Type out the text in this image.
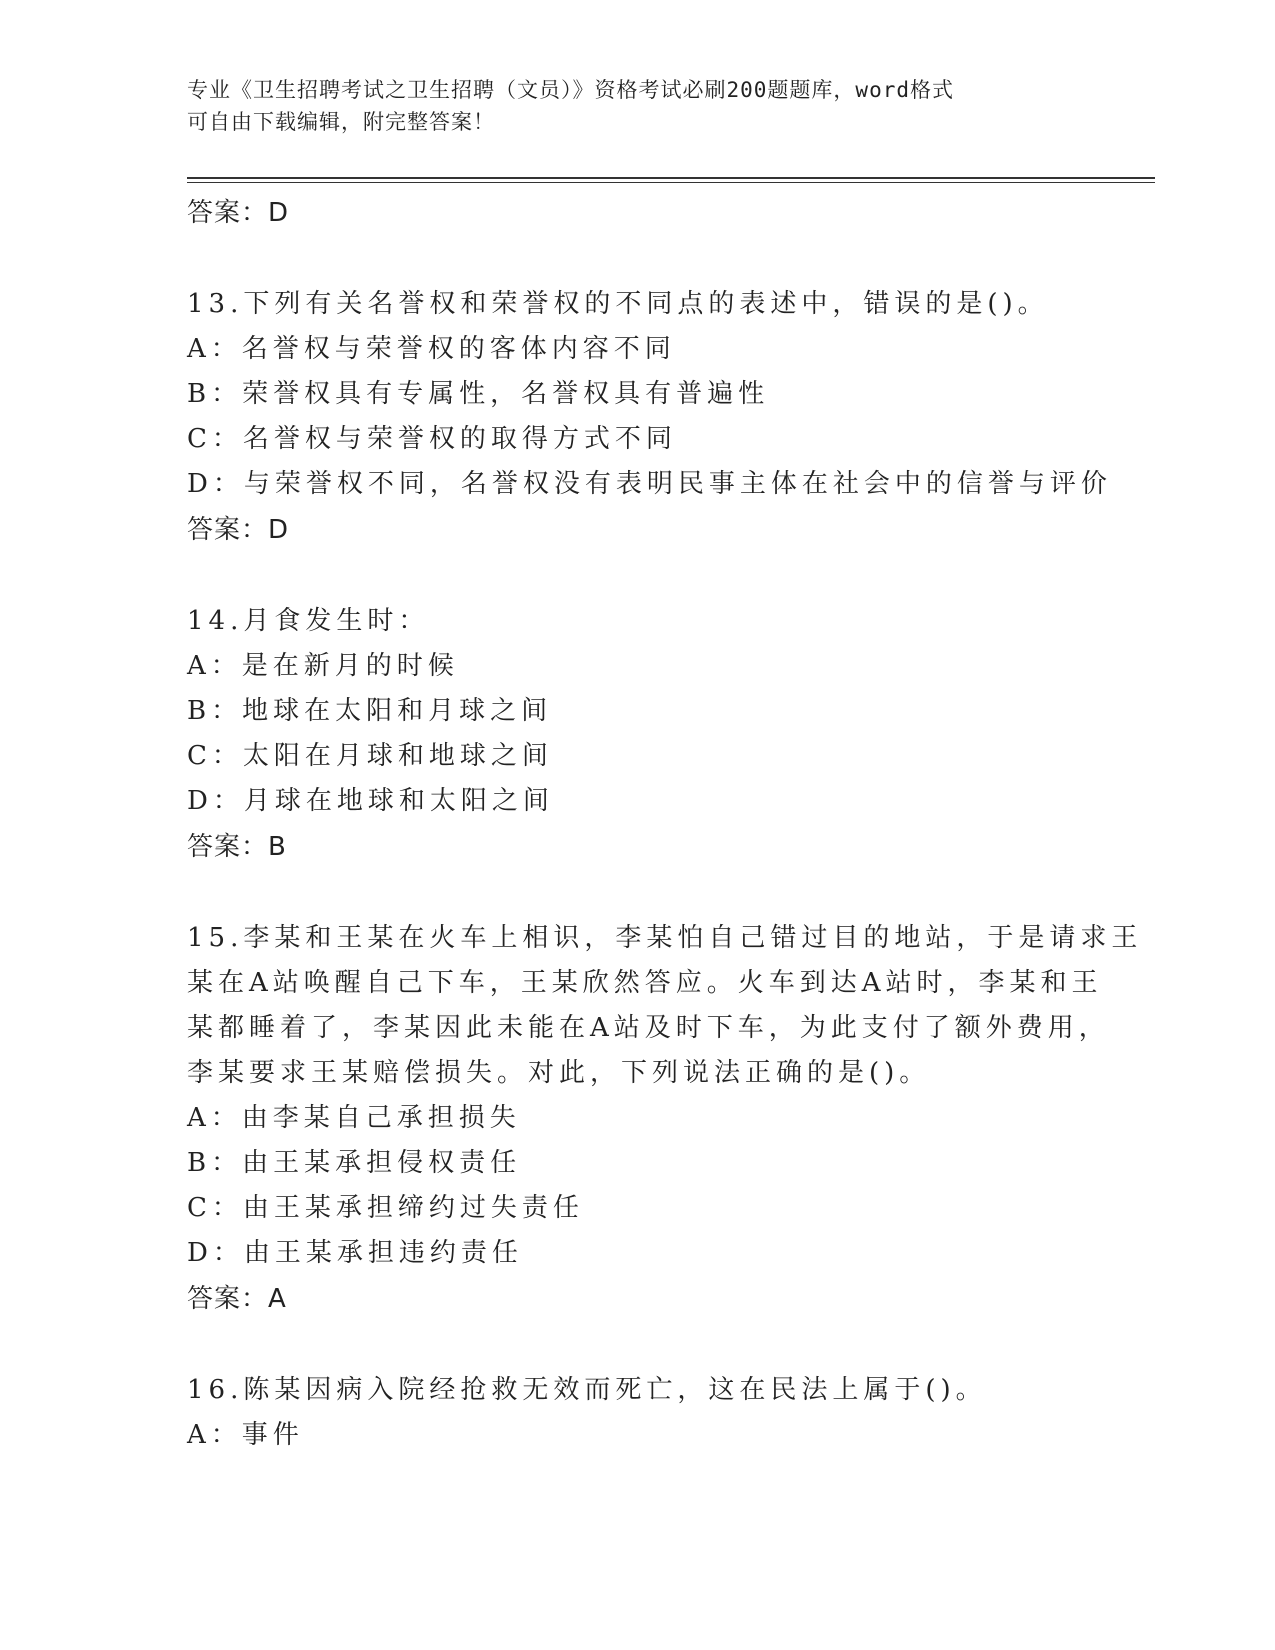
专业《卫生招聘考试之卫生招聘（文员）》资格考试必刷200题题库，word格式
可自由下载编辑，附完整答案！
答案：D
13.下列有关名誉权和荣誉权的不同点的表述中，错误的是()。
A：名誉权与荣誉权的客体内容不同
B：荣誉权具有专属性，名誉权具有普遍性
C：名誉权与荣誉权的取得方式不同
D：与荣誉权不同，名誉权没有表明民事主体在社会中的信誉与评价
答案：D
14.月食发生时：
A：是在新月的时候
B：地球在太阳和月球之间
C：太阳在月球和地球之间
D：月球在地球和太阳之间
答案：B
15.李某和王某在火车上相识，李某怕自己错过目的地站，于是请求王
某在A站唤醒自己下车，王某欣然答应。火车到达A站时，李某和王
某都睡着了，李某因此未能在A站及时下车，为此支付了额外费用，
李某要求王某赔偿损失。对此，下列说法正确的是()。
A：由李某自己承担损失
B：由王某承担侵权责任
C：由王某承担缔约过失责任
D：由王某承担违约责任
答案：A
16.陈某因病入院经抢救无效而死亡，这在民法上属于()。
A：事件
